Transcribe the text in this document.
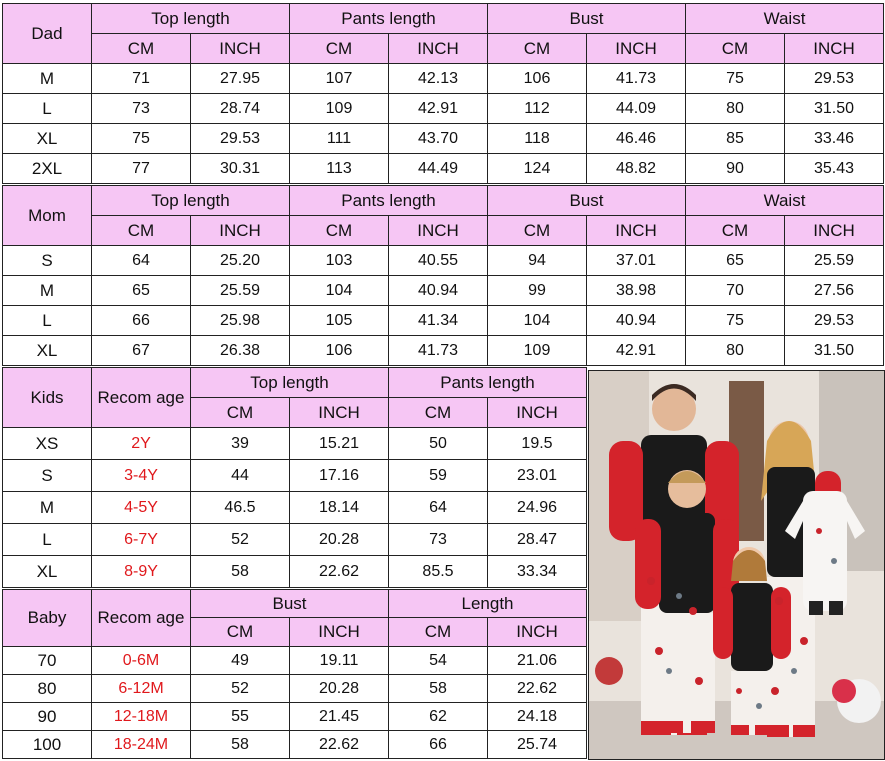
Dad	Top length		Pants length		Bust		Waist	
	CM	INCH	CM	INCH	CM	INCH	CM	INCH
M	71	27.95	107	42.13	106	41.73	75	29.53
L	73	28.74	109	42.91	112	44.09	80	31.50
XL	75	29.53	111	43.70	118	46.46	85	33.46
2XL	77	30.31	113	44.49	124	48.82	90	35.43
Mom	Top length		Pants length		Bust		Waist	
	CM	INCH	CM	INCH	CM	INCH	CM	INCH
S	64	25.20	103	40.55	94	37.01	65	25.59
M	65	25.59	104	40.94	99	38.98	70	27.56
L	66	25.98	105	41.34	104	40.94	75	29.53
XL	67	26.38	106	41.73	109	42.91	80	31.50
Kids	Recom age	Top length		Pants length	
		CM	INCH	CM	INCH
XS	2Y	39	15.21	50	19.5
S	3-4Y	44	17.16	59	23.01
M	4-5Y	46.5	18.14	64	24.96
L	6-7Y	52	20.28	73	28.47
XL	8-9Y	58	22.62	85.5	33.34
Baby	Recom age	Bust		Length	
		CM	INCH	CM	INCH
70	0-6M	49	19.11	54	21.06
80	6-12M	52	20.28	58	22.62
90	12-18M	55	21.45	62	24.18
100	18-24M	58	22.62	66	25.74
